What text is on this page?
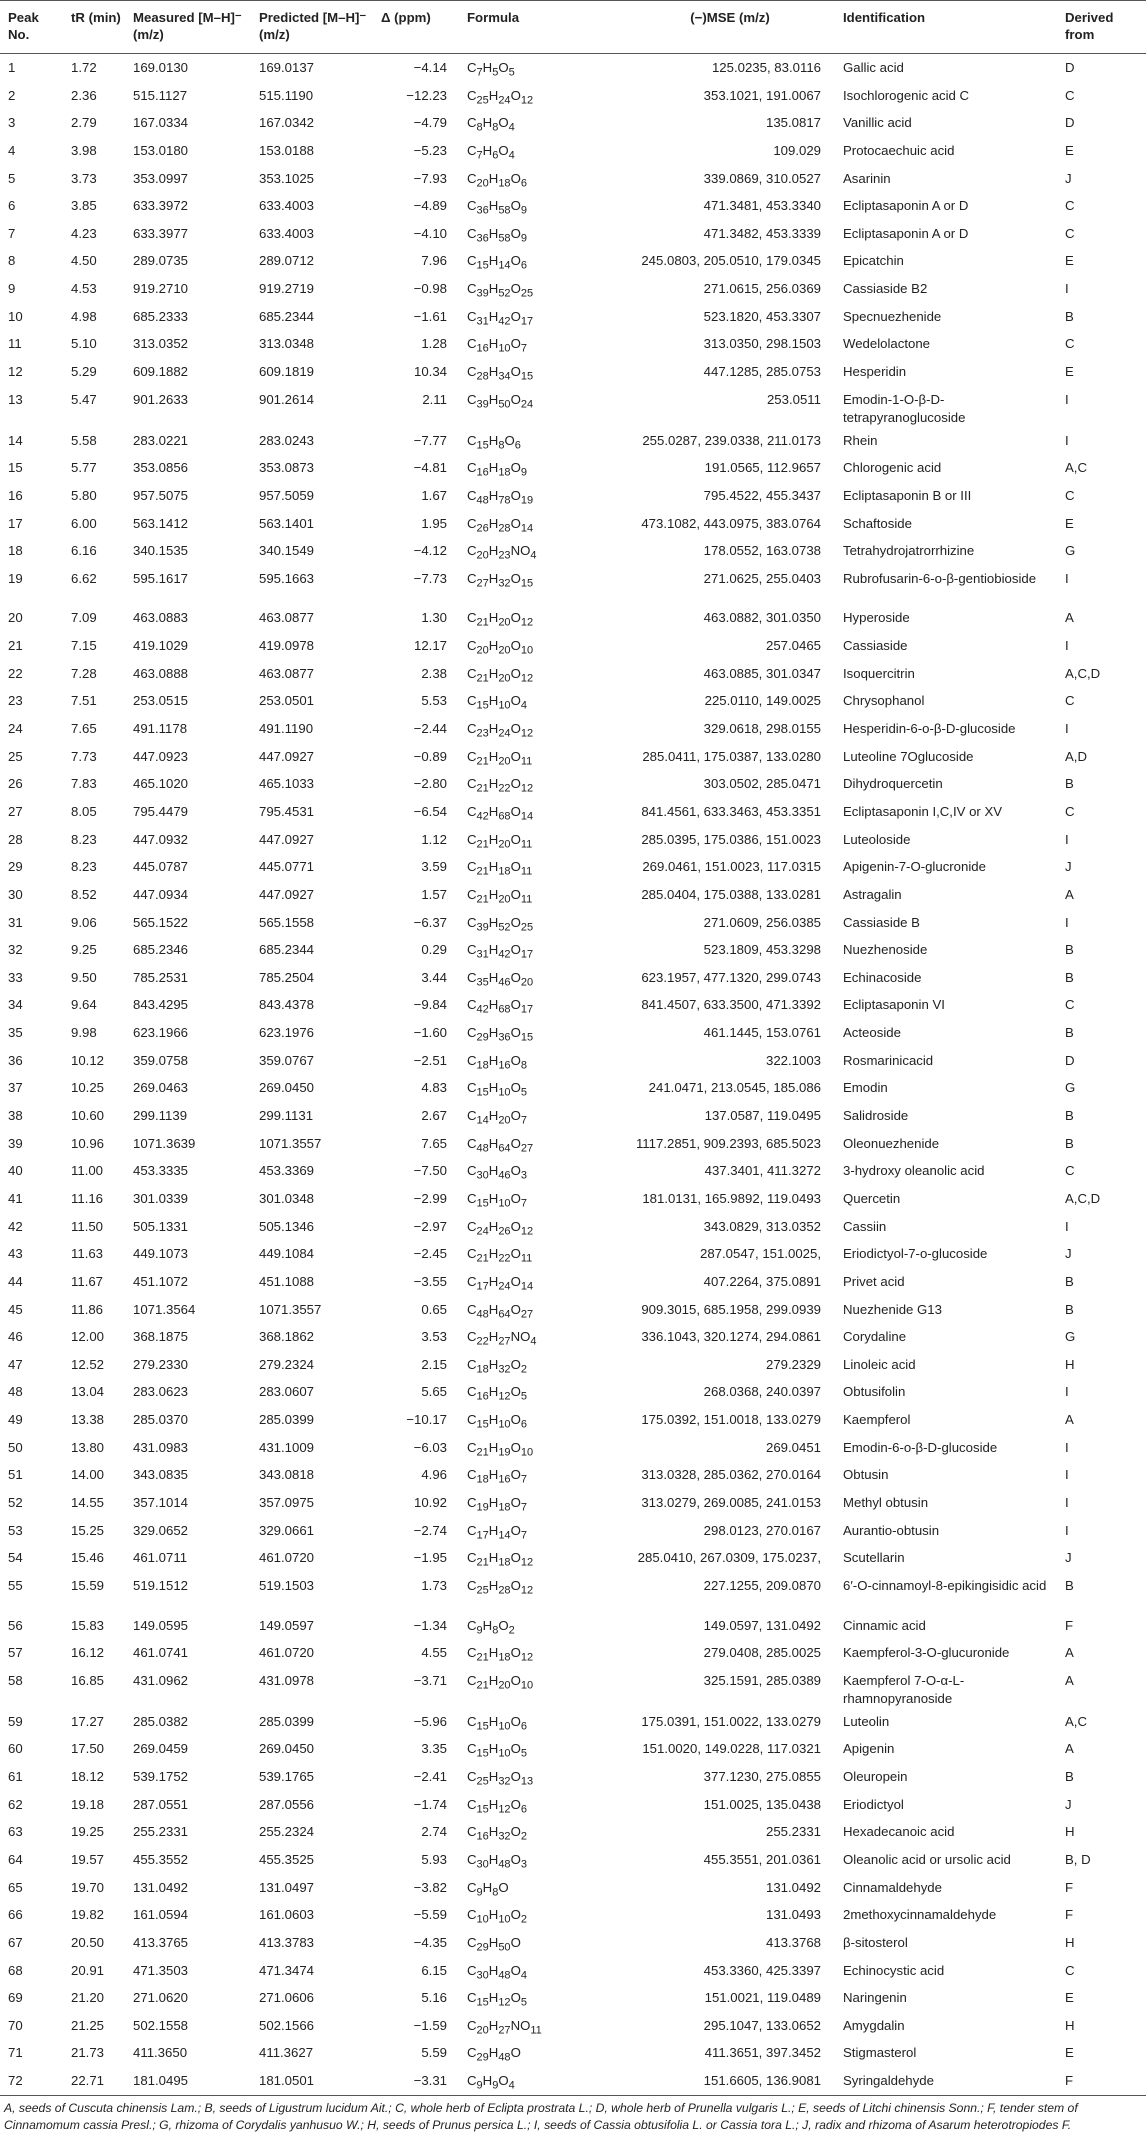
Peak No.	tR (min)	Measured [M–H]⁻ (m/z)	Predicted [M–H]⁻ (m/z)	Δ (ppm)	Formula	(−)MSE (m/z)	Identification	Derived from
1	1.72	169.0130	169.0137	−4.14	$C_7H_5O_5$	125.0235, 83.0116	Gallic acid	D
2	2.36	515.1127	515.1190	−12.23	$C_{25}H_{24}O_{12}$	353.1021, 191.0067	Isochlorogenic acid C	C
3	2.79	167.0334	167.0342	−4.79	$C_8H_8O_4$	135.0817	Vanillic acid	D
4	3.98	153.0180	153.0188	−5.23	$C_7H_6O_4$	109.029	Protocaechuic acid	E
5	3.73	353.0997	353.1025	−7.93	$C_{20}H_{18}O_6$	339.0869, 310.0527	Asarinin	J
6	3.85	633.3972	633.4003	−4.89	$C_{36}H_{58}O_9$	471.3481, 453.3340	Ecliptasaponin A or D	C
7	4.23	633.3977	633.4003	−4.10	$C_{36}H_{58}O_9$	471.3482, 453.3339	Ecliptasaponin A or D	C
8	4.50	289.0735	289.0712	7.96	$C_{15}H_{14}O_6$	245.0803, 205.0510, 179.0345	Epicatchin	E
9	4.53	919.2710	919.2719	−0.98	$C_{39}H_{52}O_{25}$	271.0615, 256.0369	Cassiaside B2	I
10	4.98	685.2333	685.2344	−1.61	$C_{31}H_{42}O_{17}$	523.1820, 453.3307	Specnuezhenide	B
11	5.10	313.0352	313.0348	1.28	$C_{16}H_{10}O_7$	313.0350, 298.1503	Wedelolactone	C
12	5.29	609.1882	609.1819	10.34	$C_{28}H_{34}O_{15}$	447.1285, 285.0753	Hesperidin	E
13	5.47	901.2633	901.2614	2.11	$C_{39}H_{50}O_{24}$	253.0511	Emodin-1-O-β-D-tetrapyranoglucoside	I
14	5.58	283.0221	283.0243	−7.77	$C_{15}H_8O_6$	255.0287, 239.0338, 211.0173	Rhein	I
15	5.77	353.0856	353.0873	−4.81	$C_{16}H_{18}O_9$	191.0565, 112.9657	Chlorogenic acid	A,C
16	5.80	957.5075	957.5059	1.67	$C_{48}H_{78}O_{19}$	795.4522, 455.3437	Ecliptasaponin B or III	C
17	6.00	563.1412	563.1401	1.95	$C_{26}H_{28}O_{14}$	473.1082, 443.0975, 383.0764	Schaftoside	E
18	6.16	340.1535	340.1549	−4.12	$C_{20}H_{23}NO_4$	178.0552, 163.0738	Tetrahydrojatrorrhizine	G
19	6.62	595.1617	595.1663	−7.73	$C_{27}H_{32}O_{15}$	271.0625, 255.0403	Rubrofusarin-6-o-β-gentiobioside	I
20	7.09	463.0883	463.0877	1.30	$C_{21}H_{20}O_{12}$	463.0882, 301.0350	Hyperoside	A
21	7.15	419.1029	419.0978	12.17	$C_{20}H_{20}O_{10}$	257.0465	Cassiaside	I
22	7.28	463.0888	463.0877	2.38	$C_{21}H_{20}O_{12}$	463.0885, 301.0347	Isoquercitrin	A,C,D
23	7.51	253.0515	253.0501	5.53	$C_{15}H_{10}O_4$	225.0110, 149.0025	Chrysophanol	C
24	7.65	491.1178	491.1190	−2.44	$C_{23}H_{24}O_{12}$	329.0618, 298.0155	Hesperidin-6-o-β-D-glucoside	I
25	7.73	447.0923	447.0927	−0.89	$C_{21}H_{20}O_{11}$	285.0411, 175.0387, 133.0280	Luteoline 7Oglucoside	A,D
26	7.83	465.1020	465.1033	−2.80	$C_{21}H_{22}O_{12}$	303.0502, 285.0471	Dihydroquercetin	B
27	8.05	795.4479	795.4531	−6.54	$C_{42}H_{68}O_{14}$	841.4561, 633.3463, 453.3351	Ecliptasaponin I,C,IV or XV	C
28	8.23	447.0932	447.0927	1.12	$C_{21}H_{20}O_{11}$	285.0395, 175.0386, 151.0023	Luteoloside	I
29	8.23	445.0787	445.0771	3.59	$C_{21}H_{18}O_{11}$	269.0461, 151.0023, 117.0315	Apigenin-7-O-glucronide	J
30	8.52	447.0934	447.0927	1.57	$C_{21}H_{20}O_{11}$	285.0404, 175.0388, 133.0281	Astragalin	A
31	9.06	565.1522	565.1558	−6.37	$C_{39}H_{52}O_{25}$	271.0609, 256.0385	Cassiaside B	I
32	9.25	685.2346	685.2344	0.29	$C_{31}H_{42}O_{17}$	523.1809, 453.3298	Nuezhenoside	B
33	9.50	785.2531	785.2504	3.44	$C_{35}H_{46}O_{20}$	623.1957, 477.1320, 299.0743	Echinacoside	B
34	9.64	843.4295	843.4378	−9.84	$C_{42}H_{68}O_{17}$	841.4507, 633.3500, 471.3392	Ecliptasaponin VI	C
35	9.98	623.1966	623.1976	−1.60	$C_{29}H_{36}O_{15}$	461.1445, 153.0761	Acteoside	B
36	10.12	359.0758	359.0767	−2.51	$C_{18}H_{16}O_8$	322.1003	Rosmarinicacid	D
37	10.25	269.0463	269.0450	4.83	$C_{15}H_{10}O_5$	241.0471, 213.0545, 185.086	Emodin	G
38	10.60	299.1139	299.1131	2.67	$C_{14}H_{20}O_7$	137.0587, 119.0495	Salidroside	B
39	10.96	1071.3639	1071.3557	7.65	$C_{48}H_{64}O_{27}$	1117.2851, 909.2393, 685.5023	Oleonuezhenide	B
40	11.00	453.3335	453.3369	−7.50	$C_{30}H_{46}O_3$	437.3401, 411.3272	3-hydroxy oleanolic acid	C
41	11.16	301.0339	301.0348	−2.99	$C_{15}H_{10}O_7$	181.0131, 165.9892, 119.0493	Quercetin	A,C,D
42	11.50	505.1331	505.1346	−2.97	$C_{24}H_{26}O_{12}$	343.0829, 313.0352	Cassiin	I
43	11.63	449.1073	449.1084	−2.45	$C_{21}H_{22}O_{11}$	287.0547, 151.0025,	Eriodictyol-7-o-glucoside	J
44	11.67	451.1072	451.1088	−3.55	$C_{17}H_{24}O_{14}$	407.2264, 375.0891	Privet acid	B
45	11.86	1071.3564	1071.3557	0.65	$C_{48}H_{64}O_{27}$	909.3015, 685.1958, 299.0939	Nuezhenide G13	B
46	12.00	368.1875	368.1862	3.53	$C_{22}H_{27}NO_4$	336.1043, 320.1274, 294.0861	Corydaline	G
47	12.52	279.2330	279.2324	2.15	$C_{18}H_{32}O_2$	279.2329	Linoleic acid	H
48	13.04	283.0623	283.0607	5.65	$C_{16}H_{12}O_5$	268.0368, 240.0397	Obtusifolin	I
49	13.38	285.0370	285.0399	−10.17	$C_{15}H_{10}O_6$	175.0392, 151.0018, 133.0279	Kaempferol	A
50	13.80	431.0983	431.1009	−6.03	$C_{21}H_{19}O_{10}$	269.0451	Emodin-6-o-β-D-glucoside	I
51	14.00	343.0835	343.0818	4.96	$C_{18}H_{16}O_7$	313.0328, 285.0362, 270.0164	Obtusin	I
52	14.55	357.1014	357.0975	10.92	$C_{19}H_{18}O_7$	313.0279, 269.0085, 241.0153	Methyl obtusin	I
53	15.25	329.0652	329.0661	−2.74	$C_{17}H_{14}O_7$	298.0123, 270.0167	Aurantio-obtusin	I
54	15.46	461.0711	461.0720	−1.95	$C_{21}H_{18}O_{12}$	285.0410, 267.0309, 175.0237,	Scutellarin	J
55	15.59	519.1512	519.1503	1.73	$C_{25}H_{28}O_{12}$	227.1255, 209.0870	6′-O-cinnamoyl-8-epikingisidic acid	B
56	15.83	149.0595	149.0597	−1.34	$C_9H_8O_2$	149.0597, 131.0492	Cinnamic acid	F
57	16.12	461.0741	461.0720	4.55	$C_{21}H_{18}O_{12}$	279.0408, 285.0025	Kaempferol-3-O-glucuronide	A
58	16.85	431.0962	431.0978	−3.71	$C_{21}H_{20}O_{10}$	325.1591, 285.0389	Kaempferol 7-O-α-L-rhamnopyranoside	A
59	17.27	285.0382	285.0399	−5.96	$C_{15}H_{10}O_6$	175.0391, 151.0022, 133.0279	Luteolin	A,C
60	17.50	269.0459	269.0450	3.35	$C_{15}H_{10}O_5$	151.0020, 149.0228, 117.0321	Apigenin	A
61	18.12	539.1752	539.1765	−2.41	$C_{25}H_{32}O_{13}$	377.1230, 275.0855	Oleuropein	B
62	19.18	287.0551	287.0556	−1.74	$C_{15}H_{12}O_6$	151.0025, 135.0438	Eriodictyol	J
63	19.25	255.2331	255.2324	2.74	$C_{16}H_{32}O_2$	255.2331	Hexadecanoic acid	H
64	19.57	455.3552	455.3525	5.93	$C_{30}H_{48}O_3$	455.3551, 201.0361	Oleanolic acid or ursolic acid	B, D
65	19.70	131.0492	131.0497	−3.82	$C_9H_8O$	131.0492	Cinnamaldehyde	F
66	19.82	161.0594	161.0603	−5.59	$C_{10}H_{10}O_2$	131.0493	2methoxycinnamaldehyde	F
67	20.50	413.3765	413.3783	−4.35	$C_{29}H_{50}O$	413.3768	β-sitosterol	H
68	20.91	471.3503	471.3474	6.15	$C_{30}H_{48}O_4$	453.3360, 425.3397	Echinocystic acid	C
69	21.20	271.0620	271.0606	5.16	$C_{15}H_{12}O_5$	151.0021, 119.0489	Naringenin	E
70	21.25	502.1558	502.1566	−1.59	$C_{20}H_{27}NO_{11}$	295.1047, 133.0652	Amygdalin	H
71	21.73	411.3650	411.3627	5.59	$C_{29}H_{48}O$	411.3651, 397.3452	Stigmasterol	E
72	22.71	181.0495	181.0501	−3.31	$C_9H_9O_4$	151.6605, 136.9081	Syringaldehyde	F
A, seeds of Cuscuta chinensis Lam.; B, seeds of Ligustrum lucidum Ait.; C, whole herb of Eclipta prostrata L.; D, whole herb of Prunella vulgaris L.; E, seeds of Litchi chinensis Sonn.; F, tender stem of Cinnamomum cassia Presl.; G, rhizoma of Corydalis yanhusuo W.; H, seeds of Prunus persica L.; I, seeds of Cassia obtusifolia L. or Cassia tora L.; J, radix and rhizoma of Asarum heterotropiodes F.
